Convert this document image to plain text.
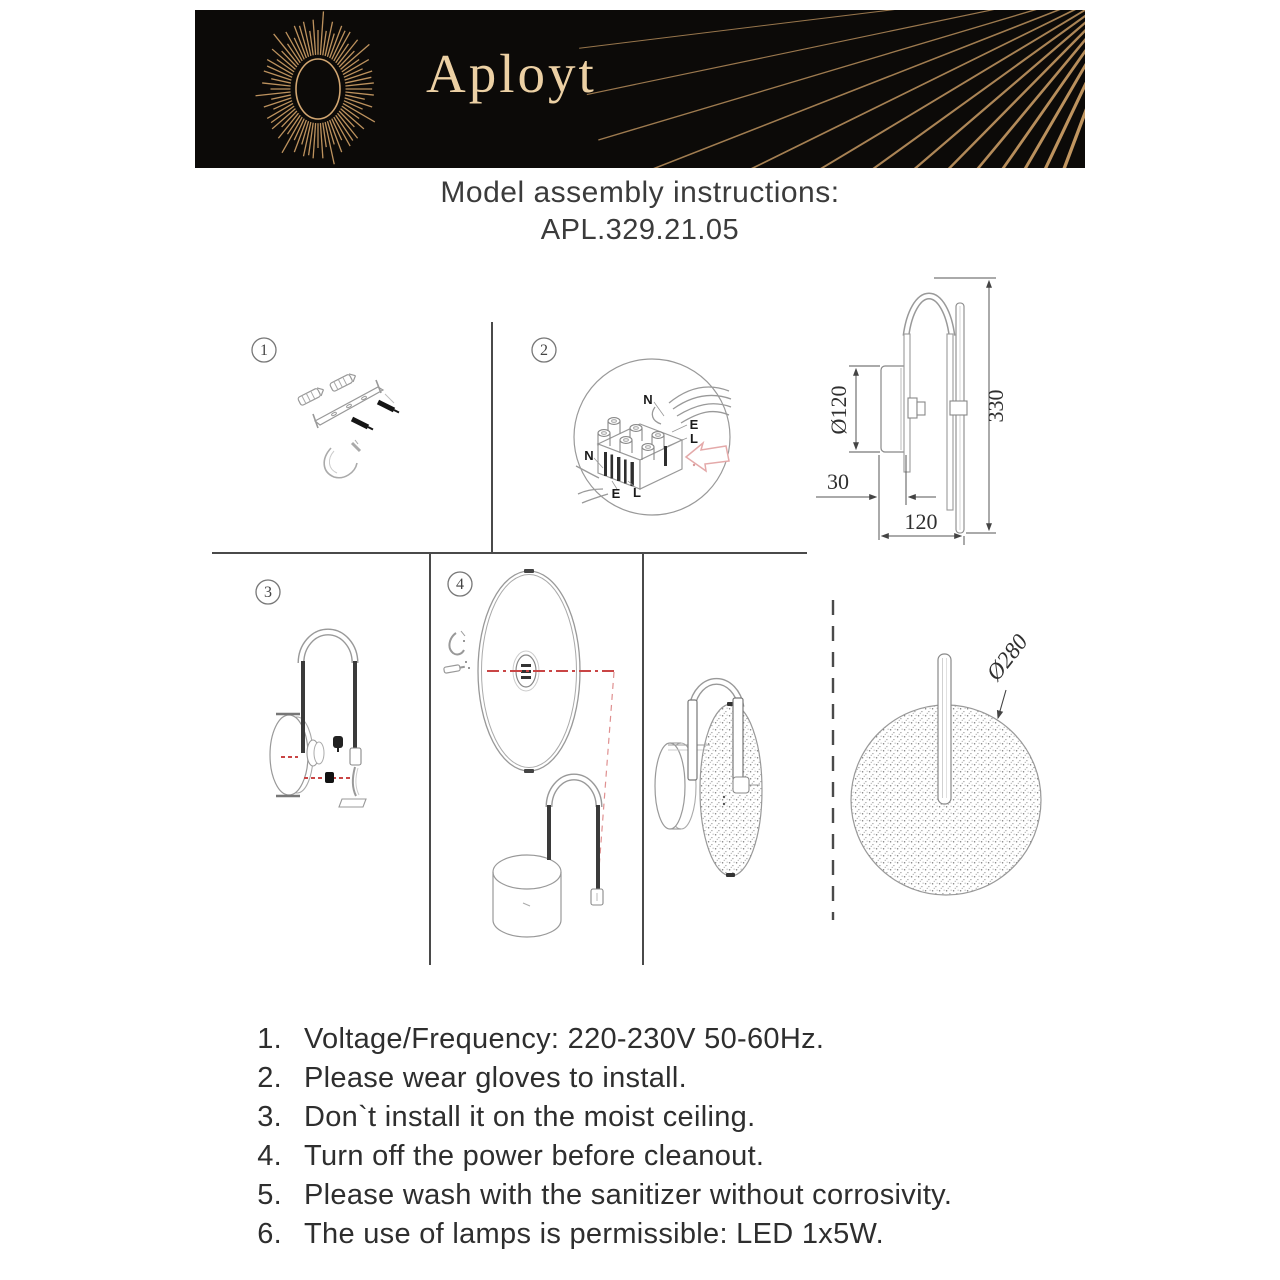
Aployt
Model assembly instructions:
APL.329.21.05
1	2
N
E
L
N
E L
Ø120	330
30
120
3	4
Ø280
1. Voltage/Frequency: 220-230V 50-60Hz.
2. Please wear gloves to install.
3. Don`t install it on the moist ceiling.
4. Turn off the power before cleanout.
5. Please wash with the sanitizer without corrosivity.
6. The use of lamps is permissible: LED 1x5W.
